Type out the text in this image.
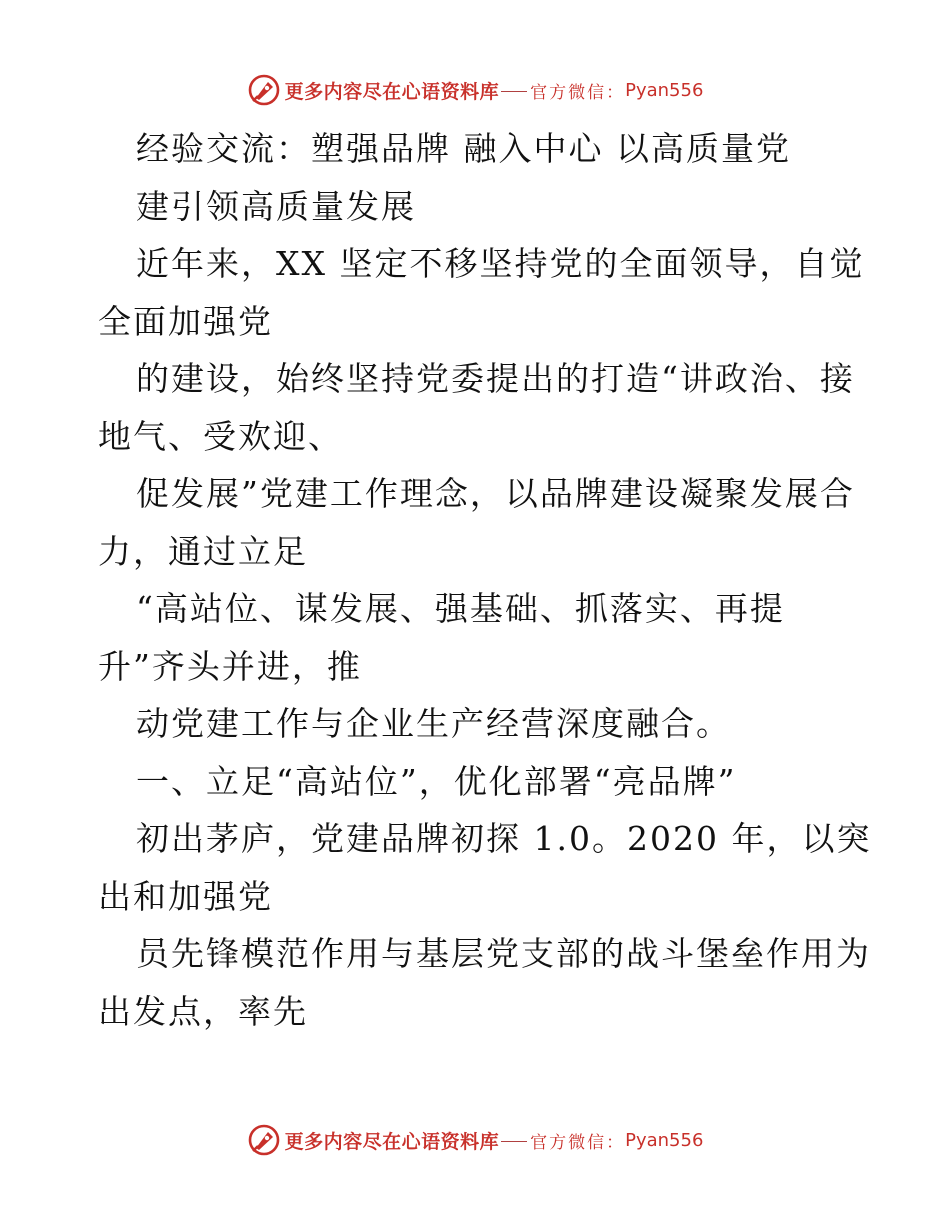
更多内容尽在心语资料库 官方微信： Pyan556
经验交流：塑强品牌 融入中心 以高质量党
建引领高质量发展
近年来，XX 坚定不移坚持党的全面领导，自觉
全面加强党
的建设，始终坚持党委提出的打造“讲政治、接
地气、受欢迎、
促发展”党建工作理念，以品牌建设凝聚发展合
力，通过立足
“高站位、谋发展、强基础、抓落实、再提
升”齐头并进，推
动党建工作与企业生产经营深度融合。
一、立足“高站位”，优化部署“亮品牌”
初出茅庐，党建品牌初探 1.0。2020 年，以突
出和加强党
员先锋模范作用与基层党支部的战斗堡垒作用为
出发点，率先
更多内容尽在心语资料库 官方微信： Pyan556
